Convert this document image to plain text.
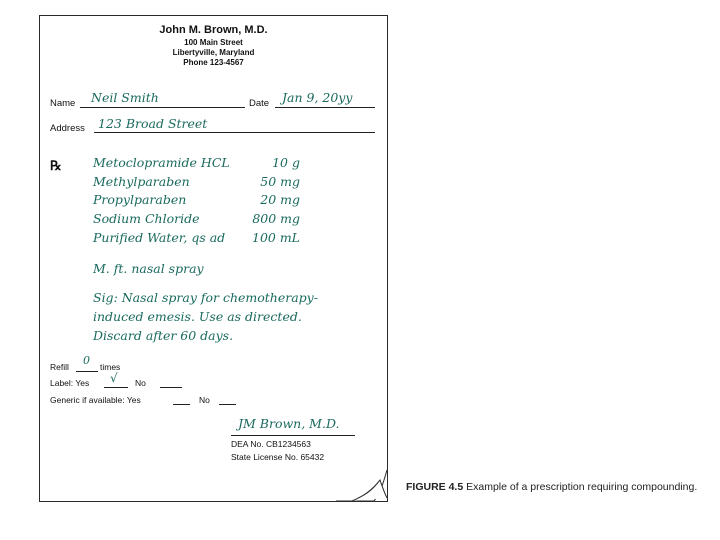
John M. Brown, M.D.
100 Main Street
Libertyville, Maryland
Phone 123-4567
Name Neil Smith	Date Jan 9, 20yy
Address 123 Broad Street
℞	Metoclopramide HCL	10 g
Methylparaben	50 mg
Propylparaben	20 mg
Sodium Chloride	800 mg
Purified Water, qs ad	100 mL
M. ft. nasal spray
Sig: Nasal spray for chemotherapy-
induced emesis. Use as directed.
Discard after 60 days.
Refill 0 times
Label: Yes √ No
Generic if available: Yes	No
JM Brown, M.D.
DEA No. CB1234563
State License No. 65432
FIGURE 4.5 Example of a prescription requiring compounding.
